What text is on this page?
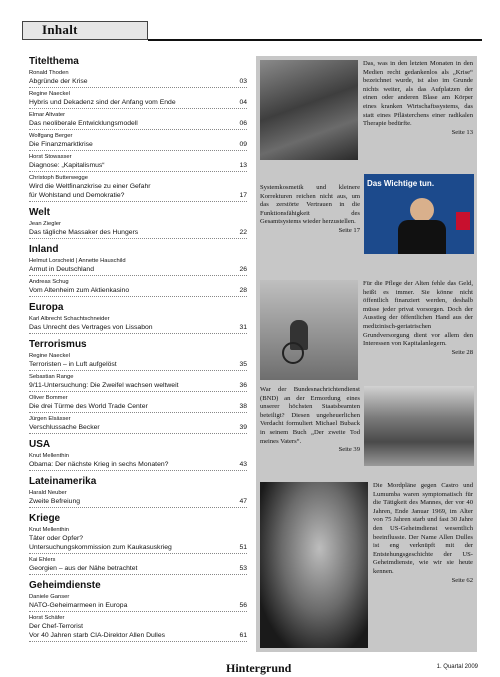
Inhalt
Titelthema
Ronald Thoden
Abgründe der Krise	03
Regine Naeckel
Hybris und Dekadenz sind der Anfang vom Ende	04
Elmar Altvater
Das neoliberale Entwicklungsmodell	06
Wolfgang Berger
Die Finanzmarktkrise	09
Horst Stowasser
Diagnose: „Kapitalismus“	13
Christoph Butterwegge
Wird die Weltfinanzkrise zu einer Gefahr
für Wohlstand und Demokratie?	17
Welt
Jean Ziegler
Das tägliche Massaker des Hungers	22
Inland
Helmut Lorscheid | Annette Hauschild
Armut in Deutschland	26
Andreas Schug
Vom Altenheim zum Aktienkasino	28
Europa
Karl Albrecht Schachtschneider
Das Unrecht des Vertrages von Lissabon	31
Terrorismus
Regine Naeckel
Terroristen – in Luft aufgelöst	35
Sebastian Range
9/11-Untersuchung: Die Zweifel wachsen weltweit	36
Oliver Bommer
Die drei Türme des World Trade Center	38
Jürgen Elsässer
Verschlussache Becker	39
USA
Knut Mellenthin
Obama: Der nächste Krieg in sechs Monaten?	43
Lateinamerika
Harald Neuber
Zweite Befreiung	47
Kriege
Knut Mellenthin
Täter oder Opfer?
Untersuchungskommission zum Kaukasuskrieg	51
Kai Ehlers
Georgien – aus der Nähe betrachtet	53
Geheimdienste
Daniele Ganser
NATO-Geheimarmeen in Europa	56
Horst Schäfer
Der Chef-Terrorist
Vor 40 Jahren starb CIA-Direktor Allen Dulles	61
Das, was in den letzten Monaten in den Medien recht gedankenlos als „Krise“ bezeichnet wurde, ist also im Grunde nichts weiter, als das Aufplatzen der einen oder anderen Blase am Körper eines kranken Wirtschaftssystems, das statt eines Pflästerchens einer radikalen Therapie bedürfte.
Seite 13
Systemkosmetik und kleinere Korrekturen reichen nicht aus, um das zerstörte Vertrauen in die Funktionsfähigkeit des Gesamtsystems wieder herzustellen.
Seite 17
Das Wichtige tun.
Für die Pflege der Alten fehle das Geld, heißt es immer. Sie könne nicht öffentlich finanziert werden, deshalb müsse jeder privat vorsorgen. Doch der Ausstieg der öffentlichen Hand aus der medizinisch-geriatrischen Grundversorgung dient vor allem den Interessen von Kapitalanlegern.
Seite 28
War der Bundesnachrichtendienst (BND) an der Ermordung eines unserer höchsten Staatsbeamten beteiligt? Diesen ungeheuerlichen Verdacht formuliert Michael Buback in seinem Buch „Der zweite Tod meines Vaters“.
Seite 39
Die Mordpläne gegen Castro und Lumumba waren symptomatisch für die Tätigkeit des Mannes, der vor 40 Jahren, Ende Januar 1969, im Alter von 75 Jahren starb und fast 30 Jahre den US-Geheimdienst wesentlich beeinflusste. Der Name Allen Dulles ist eng verknüpft mit der Entstehungsgeschichte der US-Geheimdienste, wie wir sie heute kennen.
Seite 62
Hintergrund	1. Quartal 2009
